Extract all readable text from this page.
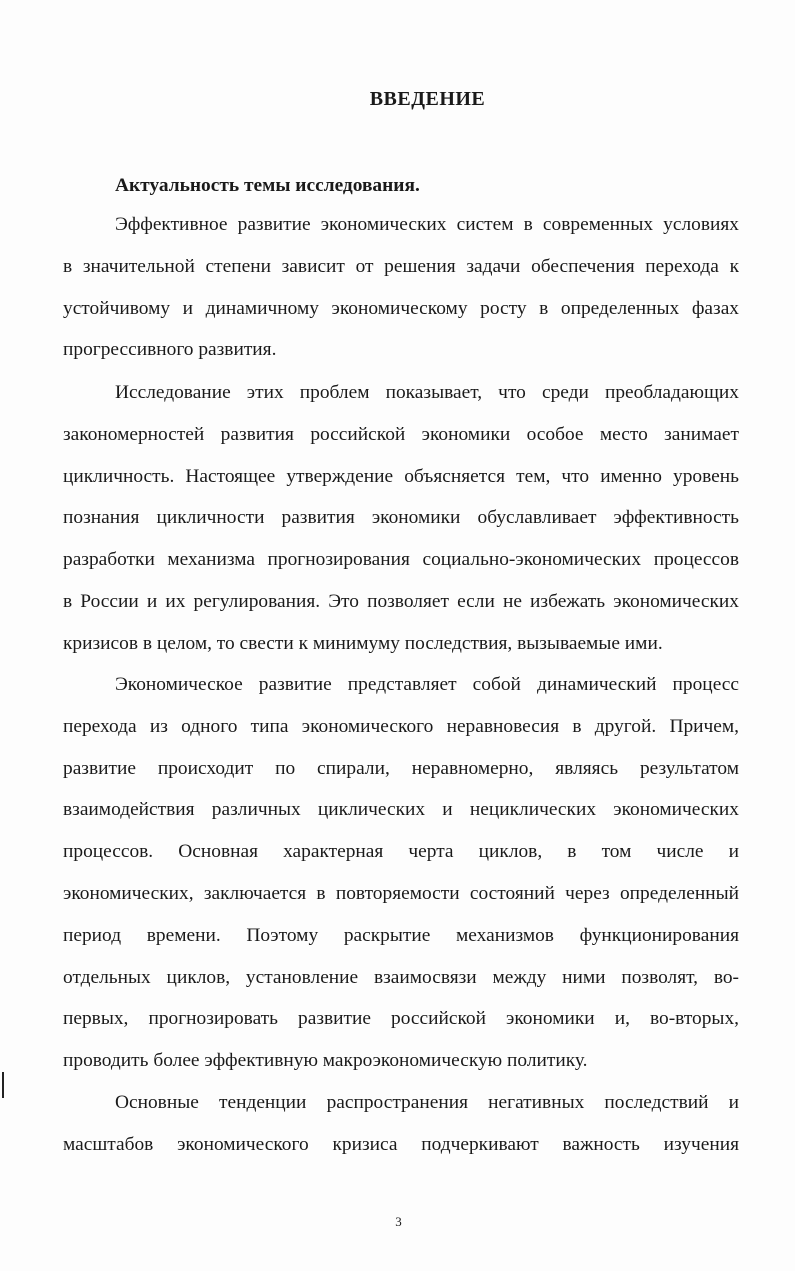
ВВЕДЕНИЕ
Актуальность темы исследования.
Эффективное развитие экономических систем в современных условиях
в значительной степени зависит от решения задачи обеспечения перехода к
устойчивому и динамичному экономическому росту в определенных фазах
прогрессивного развития.
Исследование этих проблем показывает, что среди преобладающих
закономерностей развития российской экономики особое место занимает
цикличность. Настоящее утверждение объясняется тем, что именно уровень
познания цикличности развития экономики обуславливает эффективность
разработки механизма прогнозирования социально-экономических процессов
в России и их регулирования. Это позволяет если не избежать экономических
кризисов в целом, то свести к минимуму последствия, вызываемые ими.
Экономическое развитие представляет собой динамический процесс
перехода из одного типа экономического неравновесия в другой. Причем,
развитие происходит по спирали, неравномерно, являясь результатом
взаимодействия различных циклических и нециклических экономических
процессов. Основная характерная черта циклов, в том числе и
экономических, заключается в повторяемости состояний через определенный
период времени. Поэтому раскрытие механизмов функционирования
отдельных циклов, установление взаимосвязи между ними позволят, во-
первых, прогнозировать развитие российской экономики и, во-вторых,
проводить более эффективную макроэкономическую политику.
Основные тенденции распространения негативных последствий и
масштабов экономического кризиса подчеркивают важность изучения
3
